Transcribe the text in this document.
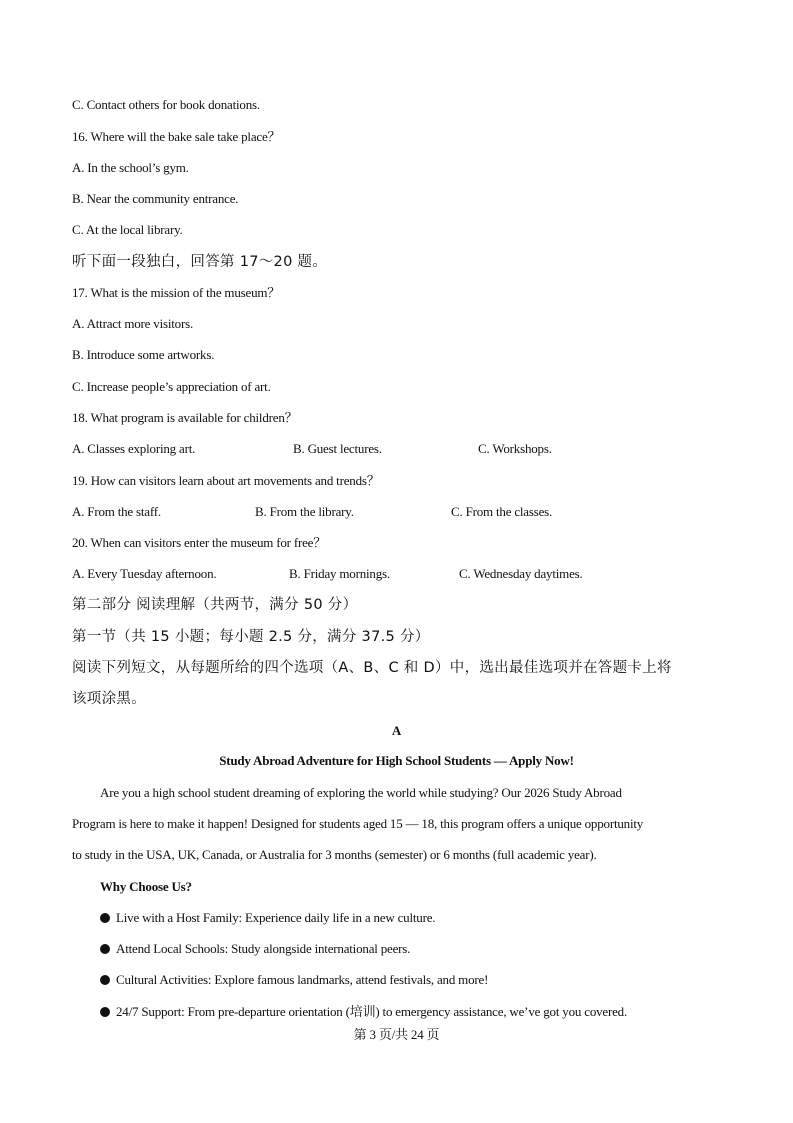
C. Contact others for book donations.
16. Where will the bake sale take place？
A. In the school’s gym.
B. Near the community entrance.
C. At the local library.
听下面一段独白，回答第 17～20 题。
17. What is the mission of the museum？
A. Attract more visitors.
B. Introduce some artworks.
C. Increase people’s appreciation of art.
18. What program is available for children？
A. Classes exploring art.	B. Guest lectures.	C. Workshops.
19. How can visitors learn about art movements and trends？
A. From the staff.	B. From the library.	C. From the classes.
20. When can visitors enter the museum for free？
A. Every Tuesday afternoon.	B. Friday mornings.	C. Wednesday daytimes.
第二部分 阅读理解（共两节，满分 50 分）
第一节（共 15 小题；每小题 2.5 分，满分 37.5 分）
阅读下列短文，从每题所给的四个选项（A、B、C 和 D）中，选出最佳选项并在答题卡上将
该项涂黑。
A
Study Abroad Adventure for High School Students — Apply Now!
Are you a high school student dreaming of exploring the world while studying? Our 2026 Study Abroad
Program is here to make it happen! Designed for students aged 15 — 18, this program offers a unique opportunity
to study in the USA, UK, Canada, or Australia for 3 months (semester) or 6 months (full academic year).
Why Choose Us?
Live with a Host Family: Experience daily life in a new culture.
Attend Local Schools: Study alongside international peers.
Cultural Activities: Explore famous landmarks, attend festivals, and more!
24/7 Support: From pre-departure orientation (培训) to emergency assistance, we’ve got you covered.
第 3 页/共 24 页
